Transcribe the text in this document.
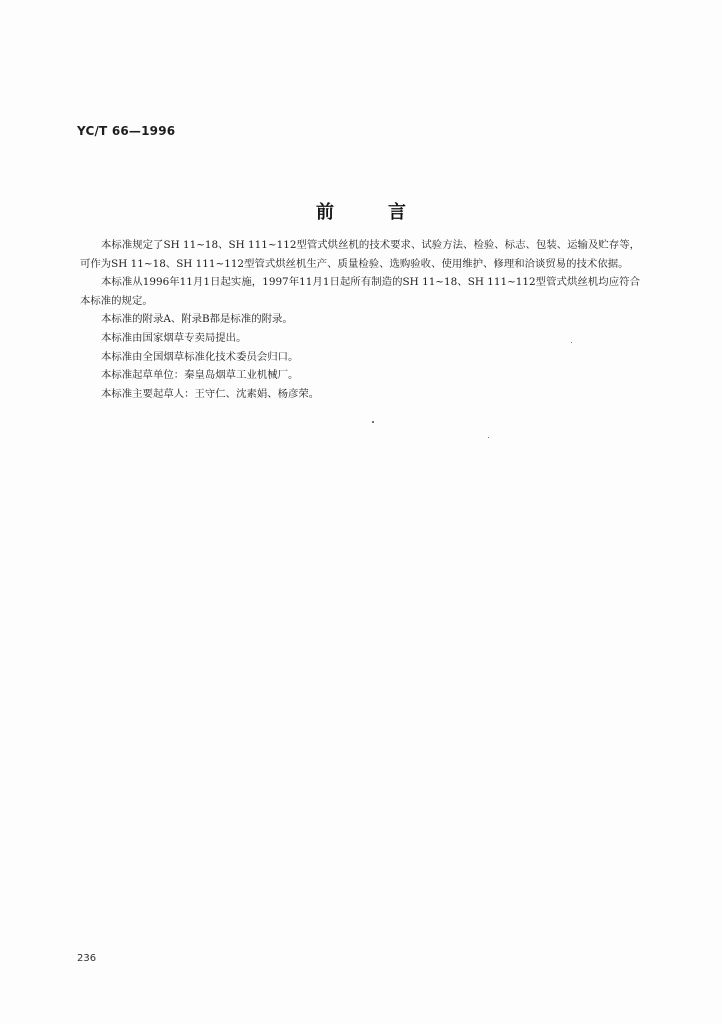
YC/T 66—1996
前	言

本标准规定了SH 11~18、SH 111~112型管式烘丝机的技术要求、试验方法、检验、标志、包装、运输及贮存等，可作为SH 11~18、SH 111~112型管式烘丝机生产、质量检验、选购验收、使用维护、修理和洽谈贸易的技术依据。

本标准从1996年11月1日起实施，1997年11月1日起所有制造的SH 11~18、SH 111~112型管式烘丝机均应符合本标准的规定。

本标准的附录A、附录B都是标准的附录。

本标准由国家烟草专卖局提出。

本标准由全国烟草标准化技术委员会归口。

本标准起草单位：秦皇岛烟草工业机械厂。

本标准主要起草人：王守仁、沈素娟、杨彦荣。

236
